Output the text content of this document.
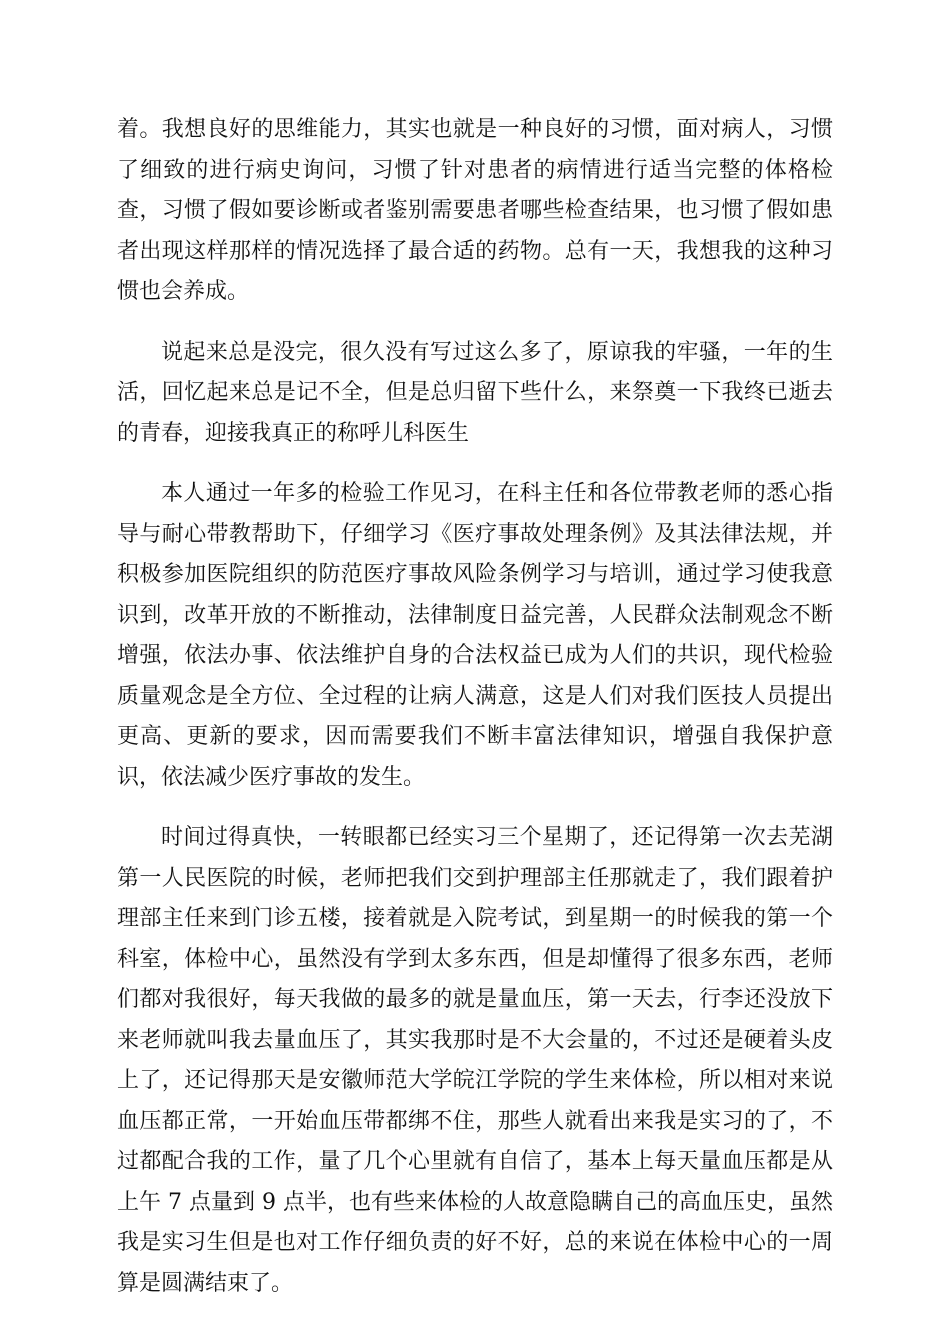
着。我想良好的思维能力，其实也就是一种良好的习惯，面对病人，习惯了细致的进行病史询问，习惯了针对患者的病情进行适当完整的体格检查，习惯了假如要诊断或者鉴别需要患者哪些检查结果，也习惯了假如患者出现这样那样的情况选择了最合适的药物。总有一天，我想我的这种习惯也会养成。

说起来总是没完，很久没有写过这么多了，原谅我的牢骚，一年的生活，回忆起来总是记不全，但是总归留下些什么，来祭奠一下我终已逝去的青春，迎接我真正的称呼儿科医生

本人通过一年多的检验工作见习，在科主任和各位带教老师的悉心指导与耐心带教帮助下，仔细学习《医疗事故处理条例》及其法律法规，并积极参加医院组织的防范医疗事故风险条例学习与培训，通过学习使我意识到，改革开放的不断推动，法律制度日益完善，人民群众法制观念不断增强，依法办事、依法维护自身的合法权益已成为人们的共识，现代检验质量观念是全方位、全过程的让病人满意，这是人们对我们医技人员提出更高、更新的要求，因而需要我们不断丰富法律知识，增强自我保护意识，依法减少医疗事故的发生。

时间过得真快，一转眼都已经实习三个星期了，还记得第一次去芜湖第一人民医院的时候，老师把我们交到护理部主任那就走了，我们跟着护理部主任来到门诊五楼，接着就是入院考试，到星期一的时候我的第一个科室，体检中心，虽然没有学到太多东西，但是却懂得了很多东西，老师们都对我很好，每天我做的最多的就是量血压，第一天去，行李还没放下来老师就叫我去量血压了，其实我那时是不大会量的，不过还是硬着头皮上了，还记得那天是安徽师范大学皖江学院的学生来体检，所以相对来说血压都正常，一开始血压带都绑不住，那些人就看出来我是实习的了，不过都配合我的工作，量了几个心里就有自信了，基本上每天量血压都是从上午 7 点量到 9 点半，也有些来体检的人故意隐瞒自己的高血压史，虽然我是实习生但是也对工作仔细负责的好不好，总的来说在体检中心的一周算是圆满结束了。
